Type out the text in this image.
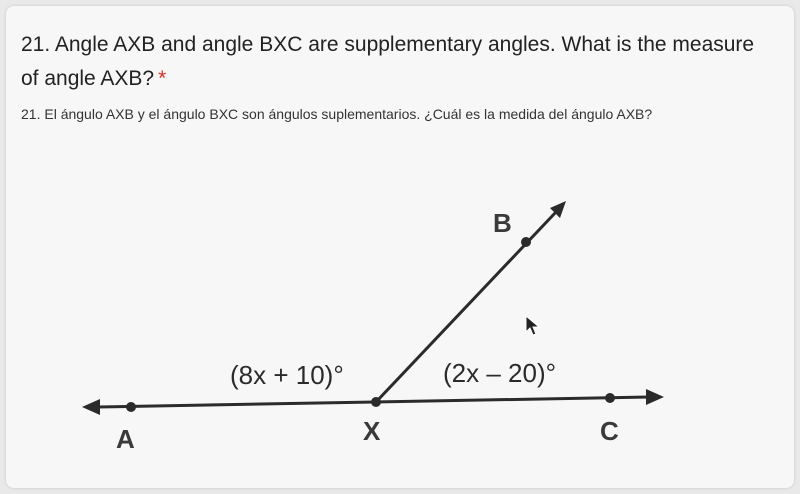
21. Angle AXB and angle BXC are supplementary angles. What is the measure of angle AXB? *
21. El ángulo AXB y el ángulo BXC son ángulos suplementarios. ¿Cuál es la medida del ángulo AXB?
A	X	C
B
(8x + 10)°	(2x – 20)°
